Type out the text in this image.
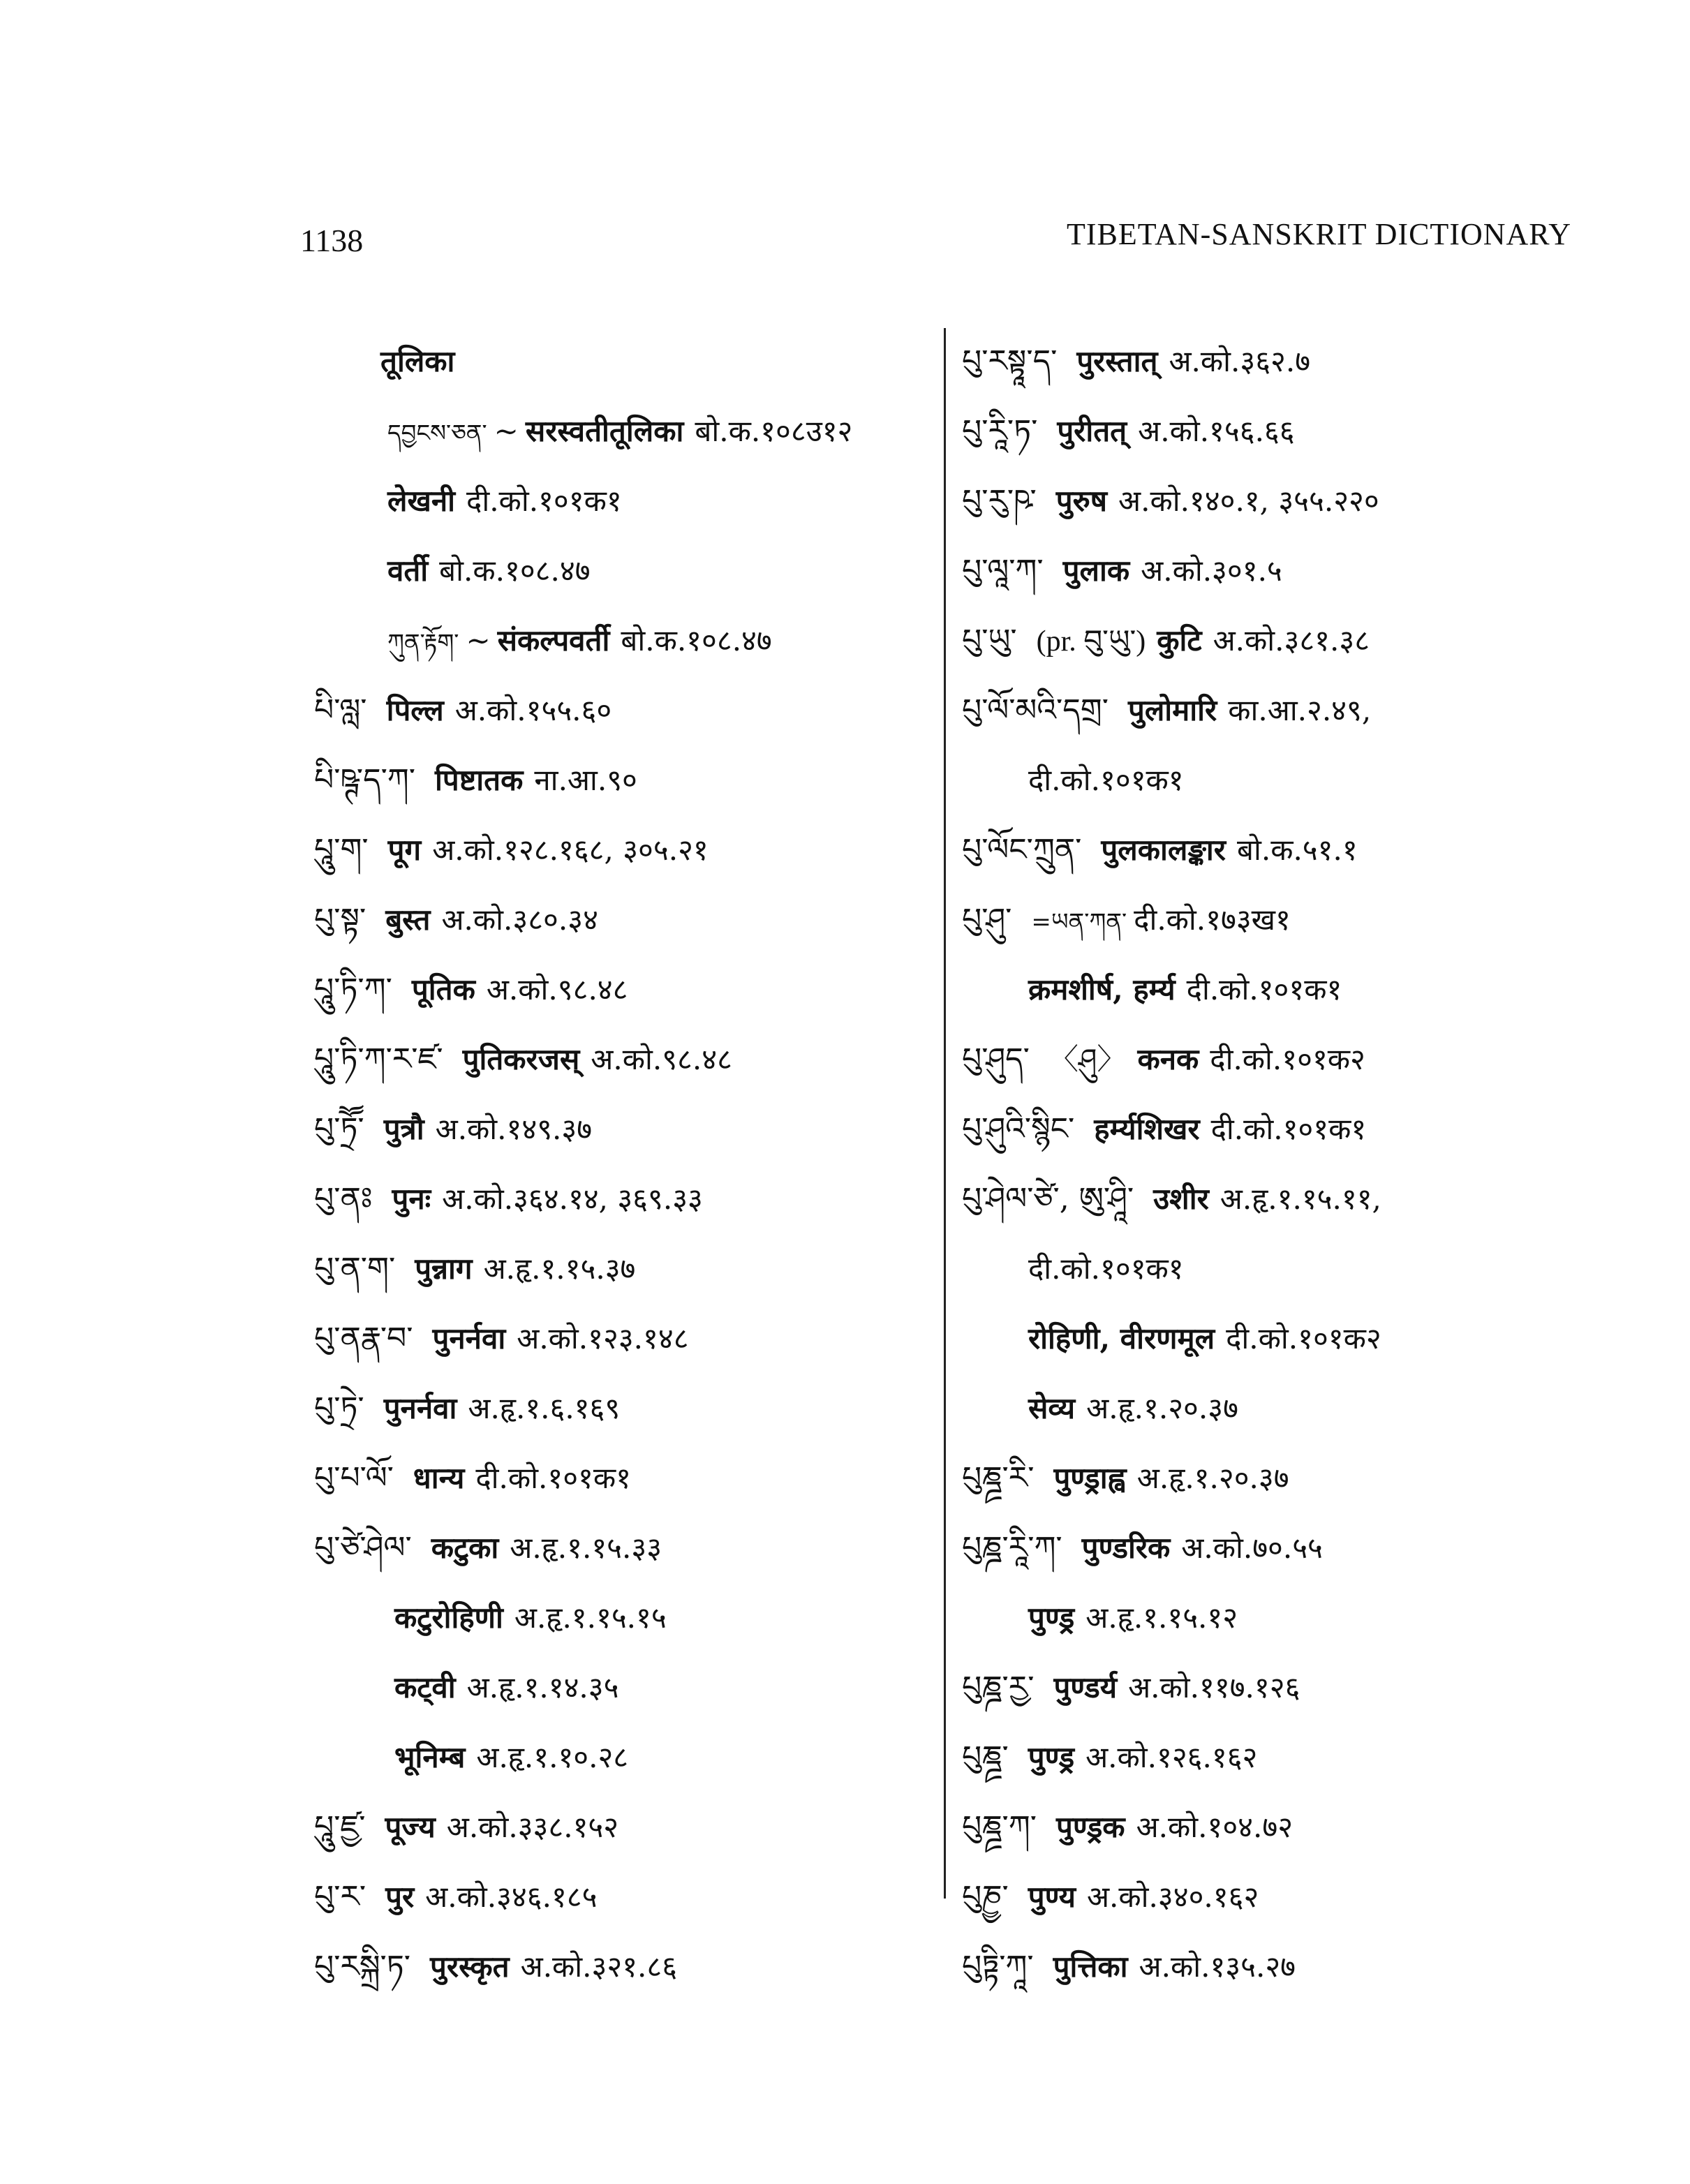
1138	TIBETAN-SANSKRIT DICTIONARY
तूलिका
དབྱངས་ཅན་ ~ सरस्वतीतूलिका बो.क.१०८उ१२
लेखनी दी.को.१०१क१
वर्ती बो.क.१०८.४७
ཀུན་རྟོག་ ~ संकल्पवर्ती बो.क.१०८.४७
པི་ལླ་ पिल्ल अ.को.१५५.६०
པི་ཥྚ་ད་ཀ་ पिष्टातक ना.आ.९०
པཱུ་ག་ पूग अ.को.१२८.१६८, ३०५.२१
པུ་སྟ་ बुस्त अ.को.३८०.३४
པཱུ་ཏི་ཀ་ पूतिक अ.को.९८.४८
པཱུ་ཏི་ཀ་ར་ཛ་ पुतिकरजस् अ.को.९८.४८
པུ་ཏྲཽ་ पुत्रौ अ.को.१४९.३७
པུ་ནཿ पुनः अ.को.३६४.१४, ३६९.३३
པུ་ན་ག་ पुन्नाग अ.हृ.१.१५.३७
པུ་ནརྣ་བ་ पुनर्नवा अ.को.१२३.१४८
པུ་ཏྲེ་ पुनर्नवा अ.हृ.१.६.१६९
པུ་པ་ལོ་ धान्य दी.को.१०१क१
པུ་ཙེ་ཤེལ་ कटुका अ.हृ.१.१५.३३
कटुरोहिणी अ.हृ.१.१५.१५
कट्वी अ.हृ.१.१४.३५
भूनिम्ब अ.हृ.१.१०.२८
པཱུ་ཛྱ་ पूज्य अ.को.३३८.१५२
པུ་ར་ पुर अ.को.३४६.१८५
པུ་རསྐྲི་ཏ་ पुरस्कृत अ.को.३२१.८६
པུ་རསྟཱ་ད་ पुरस्तात् अ.को.३६२.७
པུ་རཱི་ཏ་ पुरीतत् अ.को.१५६.६६
པུ་རུ་ཥ་ पुरुष अ.को.१४०.१, ३५५.२२०
པུ་ལཱ་ཀ་ पुलाक अ.को.३०१.५
པུ་ཡུ་ (pr. བུ་ཡུ་) कुटि अ.को.३८१.३८
པུ་ལོ་མའི་དགྲ་ पुलोमारि का.आ.२.४९,
दी.को.१०१क१
པུ་ལོང་ཀྲུན་ पुलकालङ्कार बो.क.५१.१
པུ་ཤུ་ =ཡན་ཀན་ दी.को.१७३ख१
क्रमशीर्ष, हर्म्य दी.को.१०१क१
པུ་ཤུད་ 〈ཤུ〉 कनक दी.को.१०१क२
པུ་ཤུའི་སྙིང་ हर्म्यशिखर दी.को.१०१क१
པུ་ཤེལ་ཙེ་, ཨུ་ཤཱི་ उशीर अ.हृ.१.१५.११,
दी.को.१०१क१
रोहिणी, वीरणमूल दी.को.१०१क२
सेव्य अ.हृ.१.२०.३७
པུཎྜྲ་རི་ पुण्ड्राह्व अ.हृ.१.२०.३७
པུཎྜ་རཱི་ཀ་ पुण्डरिक अ.को.७०.५५
पुण्ड्र अ.हृ.१.१५.१२
པུཎྜ་རྱ་ पुण्डर्य अ.को.११७.१२६
པུཎྜྲ་ पुण्ड्र अ.को.१२६.१६२
པུཎྜྲ་ཀ་ पुण्ड्रक अ.को.१०४.७२
པུཎྱ་ पुण्य अ.को.३४०.१६२
པུཏྟི་ཀཱ་ पुत्तिका अ.को.१३५.२७
